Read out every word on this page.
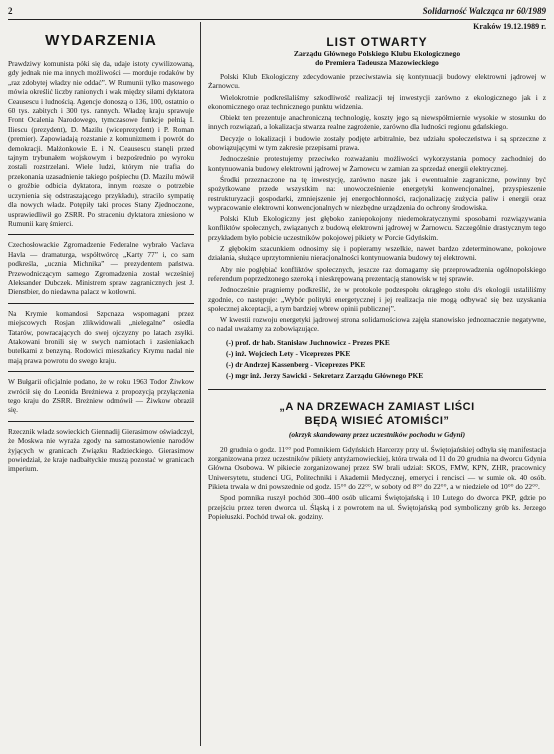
2	Solidarność Walcząca nr 60/1989
WYDARZENIA

Prawdziwy komunista póki się da, udaje istoty cywilizowaną, gdy jednak nie ma innych możliwości — morduje rodaków by „raz zdobytej władzy nie oddać”. W Rumunii tylko masowego mówia określić liczby ranionych i wak między siłami dyktatora Ceausescu i ludnością. Agencje donoszą o 136, 100, ostatnio o 60 tys. zabitych i 300 tys. rannych. Władzę kraju sprawuje Front Ocalenia Narodowego, tymczasowe funkcje pełnią I. Iliescu (prezydent), D. Mazilu (wiceprezydent) i P. Roman (premier). Zapowiadają rozstanie z komunizmem i powrót do demokracji. Małżonkowie E. i N. Ceausescu stanęli przed tajnym trybunałem wojskowym i bezpośrednio po wyroku zostali rozstrzelani. Wiele ludzi, którym nie trafia do przekonania uzasadnienie takiego pośpiechu (D. Mazilu mówił o groźbie odbicia dyktatora, innym rozsze o potrzebie uczynienia się odstraszającego przykładu), stracilo sympatię dla nowych władz. Potępiły taki proces Stany Zjednoczone, usprawiedliwił go ZSRR. Po straceniu dyktatora zniesiono w Rumunii karę śmierci.

Czechosłowackie Zgromadzenie Federalne wybrało Vaclava Havla — dramaturga, współtwórcę „Karty 77” i, co sam podkreśla, „ucznia Michnika” — prezydentem państwa. Przewodniczącym samego Zgromadzenia został wcześniej Aleksander Dubczek. Ministrem spraw zagranicznych jest J. Dienstbier, do niedawna palacz w kotłowni.

Na Krymie komandosi Szpcnaza wspomagani przez miejscowych Rosjan zlikwidowali „nielegalne” osiedla Tatarów, powracających do swej ojczyzny po latach zsyłki. Atakowani bronili się w swych namiotach i zasieniakach butelkami z benzyną. Rodowici mieszkańcy Krymu nadal nie mają prawa powrotu do swego kraju.

W Bułgarii oficjalnie podano, że w roku 1963 Todor Żiwkow zwrócił się do Leonida Breżniewa z propozycją przyłączenia tego kraju do ZSRR. Breżniew odmówił — Żiwkow obraził się.

Rzecznik władz sowieckich Giennadij Gierasimow oświadczył, że Moskwa nie wyraża zgody na samostanowienie narodów żyjących w granicach Związku Radzieckiego. Gierasimow powiedział, że kraje nadbałtyckie muszą pozostać w granicach imperium.

Kraków 19.12.1989 r.
LIST OTWARTY
Zarządu Głównego Polskiego Klubu Ekologicznego
do Premiera Tadeusza Mazowieckiego

Polski Klub Ekologiczny zdecydowanie przeciwstawia się kontynuacji budowy elektrowni jądrowej w Żarnowcu.

Wielokrotnie podkreślaliśmy szkodliwość realizacji tej inwestycji zarówno z ekologicznego jak i z ekonomicznego oraz technicznego punktu widzenia.

Obiekt ten prezentuje anachroniczną technologię, koszty jego są niewspółmiernie wysokie w stosunku do innych rozwiązań, a lokalizacja stwarza realne zagrożenie, zarówno dla ludności regionu gdańskiego.

Decyzje o lokalizacji i budowie zostały podjęte arbitralnie, bez udziału społeczeństwa i są sprzeczne z obowiązującymi w tym zakresie przepisami prawa.

Jednocześnie protestujemy przeciwko rozważaniu możliwości wykorzystania pomocy zachodniej do kontynuowania budowy elektrowni jądrowej w Żarnowcu w zamian za sprzedaż energii elektrycznej.

Środki przeznaczone na tę inwestycję, zarówno nasze jak i ewentualnie zagraniczne, powinny być spożytkowane przede wszystkim na: unowocześnienie energetyki konwencjonalnej, przyspieszenie restrukturyzacji gospodarki, zmniejszenie jej energochłonności, racjonalizację zużycia paliw i energii oraz wypracowanie elektrowni konwencjonalnych w niezbędne urządzenia do ochrony środowiska.

Polski Klub Ekologiczny jest głęboko zaniepokojony niedemokratycznymi sposobami rozwiązywania konfliktów społecznych, związanych z budową elektrowni jądrowej w Żarnowcu. Szczególnie drastycznym tego przykładem było pobicie uczestników pokojowej pikiety w Porcie Gdyńskim.

Z głębokim szacunkiem odnosimy się i popieramy wszelkie, nawet bardzo zdeterminowane, pokojowe działania, służące uprzytomnieniu nieracjonalności kontynuowania budowy tej elektrowni.

Aby nie pogłębiać konfliktów społecznych, jeszcze raz domagamy się przeprowadzenia ogólnopolskiego referendum poprzedzonego szeroką i nieskrępowaną prezentacją stanowisk w tej sprawie.

Jednocześnie pragniemy podkreślić, że w protokole podzespołu okrągłego stołu d/s ekologii ustaliliśmy zgodnie, co następuje: „Wybór polityki energetycznej i jej realizacja nie mogą odbywać się bez uzyskania społecznej akceptacji, a tym bardziej wbrew opinii publicznej”.

W kwestii rozwoju energetyki jądrowej strona solidarnościowa zajęła stanowisko jednoznacznie negatywne, co nadal uważamy za zobowiązujące.

(-) prof. dr hab. Stanisław Juchnowicz - Prezes PKE
(-) inż. Wojciech Lety - Viceprezes PKE
(-) dr Andrzej Kassenberg - Viceprezes PKE
(-) mgr inż. Jerzy Sawicki - Sekretarz Zarządu Głównego PKE
„A NA DRZEWACH ZAMIAST LIŚCI
BĘDĄ WISIEĆ ATOMIŚCI”
(okrzyk skandowany przez uczestników pochodu w Gdyni)

20 grudnia o godz. 11°° pod Pomnikiem Gdyńskich Harcerzy przy ul. Świętojańskiej odbyła się manifestacja zorganizowana przez uczestników pikiety antyżarnowieckiej, która trwała od 11 do 20 grudnia na dworcu Gdynia Główna Osobowa. W pikiecie zorganizowanej przez SW brali udział: SKOS, FMW, KPN, ZHR, pracownicy Uniwersytetu, studenci UG, Politechniki i Akademii Medycznej, emeryci i rencisci — w sumie ok. 40 osób. Pikieta trwała w dni powszednie od godz. 15°° do 22°°, w soboty od 8°° do 22°°, a w niedziele od 10°° do 22°°.

Spod pomnika ruszył pochód 300–400 osób ulicami Świętojańską i 10 Lutego do dworca PKP, gdzie po przejściu przez teren dworca ul. Śląską i z powrotem na ul. Świętojańską pod symboliczny grób ks. Jerzego Popiełuszki. Pochód trwał ok. godziny.
